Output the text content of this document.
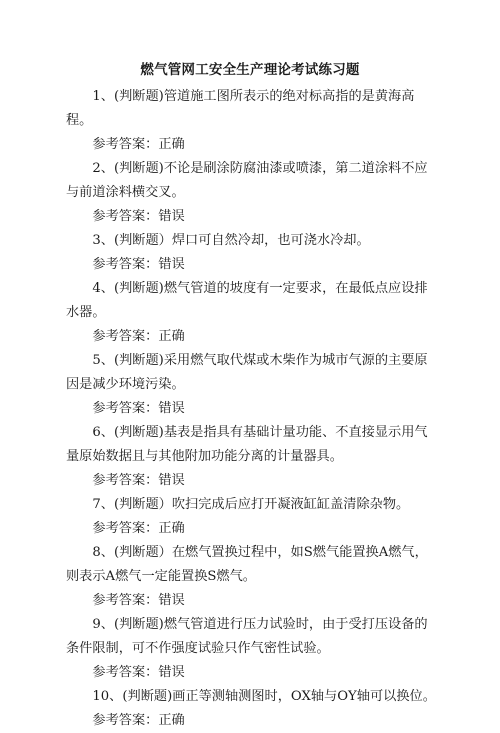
燃气管网工安全生产理论考试练习题

1、(判断题)管道施工图所表示的绝对标高指的是黄海高程。

参考答案：正确

2、(判断题)不论是刷涂防腐油漆或喷漆，第二道涂料不应与前道涂料横交叉。

参考答案：错误

3、(判断题）焊口可自然冷却，也可浇水冷却。

参考答案：错误

4、(判断题)燃气管道的坡度有一定要求，在最低点应设排水器。

参考答案：正确

5、(判断题)采用燃气取代煤或木柴作为城市气源的主要原因是减少环境污染。

参考答案：错误

6、(判断题)基表是指具有基础计量功能、不直接显示用气量原始数据且与其他附加功能分离的计量器具。

参考答案：错误

7、(判断题）吹扫完成后应打开凝液缸缸盖清除杂物。

参考答案：正确

8、(判断题）在燃气置换过程中，如S燃气能置换A燃气，则表示A燃气一定能置换S燃气。

参考答案：错误

9、(判断题)燃气管道进行压力试验时，由于受打压设备的条件限制，可不作强度试验只作气密性试验。

参考答案：错误

10、(判断题)画正等测轴测图时，OX轴与OY轴可以换位。

参考答案：正确
